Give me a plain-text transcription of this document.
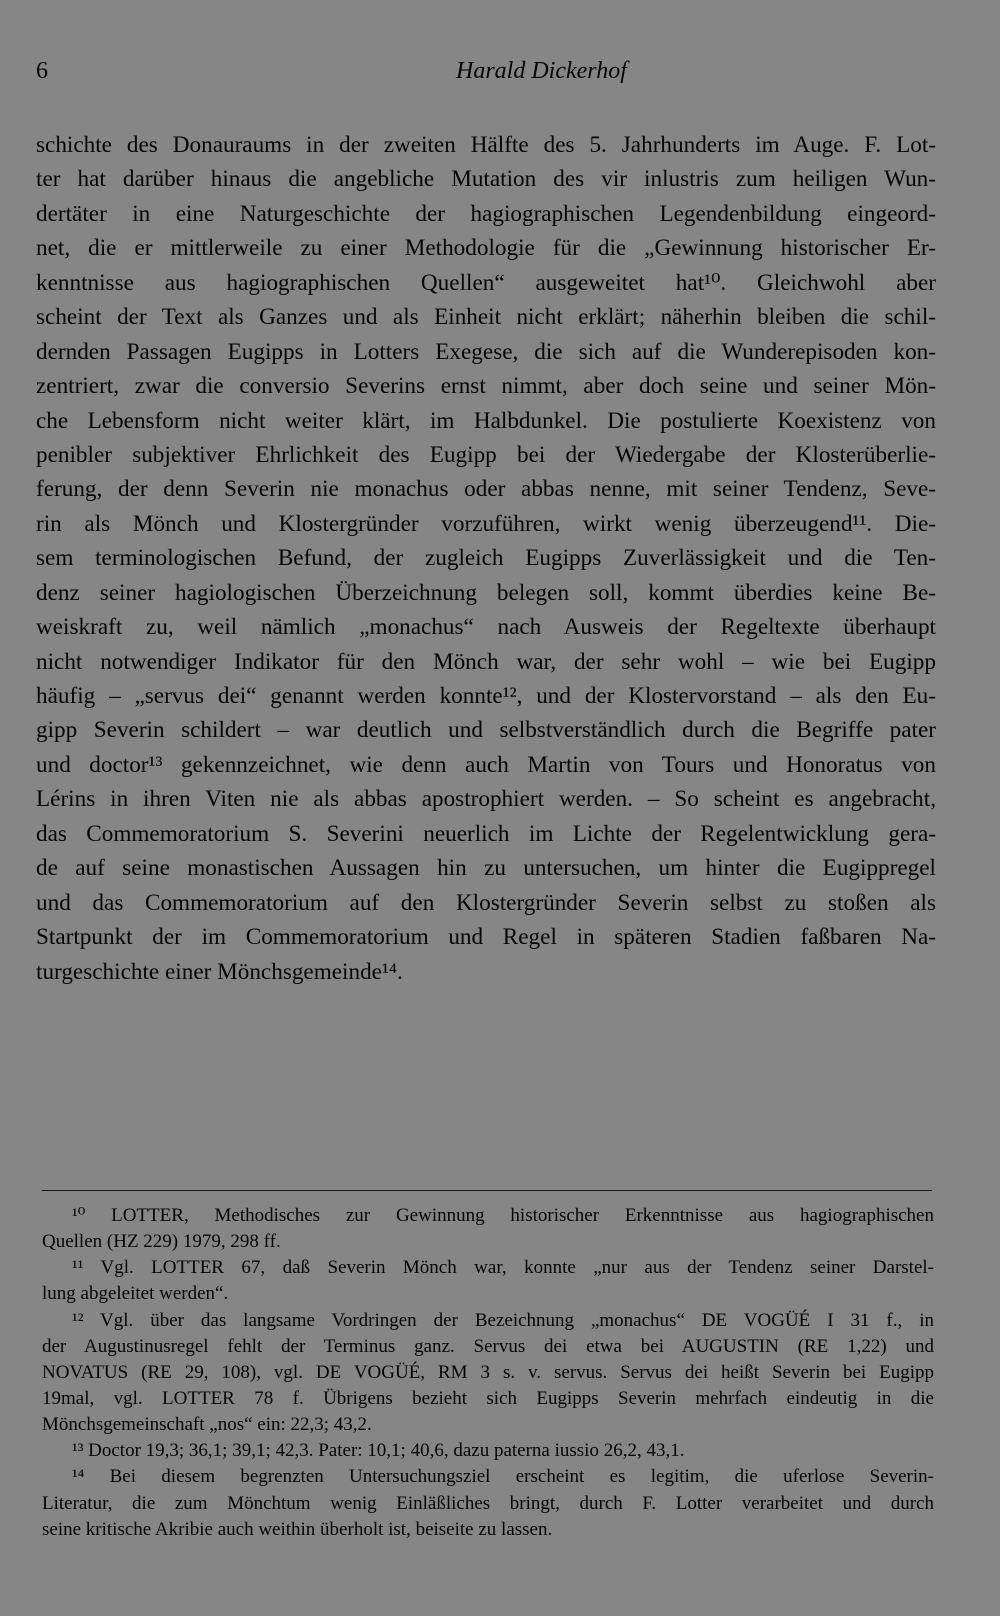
6	Harald Dickerhof
schichte des Donauraums in der zweiten Hälfte des 5. Jahrhunderts im Auge. F. Lot-
ter hat darüber hinaus die angebliche Mutation des vir inlustris zum heiligen Wun-
dertäter in eine Naturgeschichte der hagiographischen Legendenbildung eingeord-
net, die er mittlerweile zu einer Methodologie für die „Gewinnung historischer Er-
kenntnisse aus hagiographischen Quellen“ ausgeweitet hat¹⁰. Gleichwohl aber
scheint der Text als Ganzes und als Einheit nicht erklärt; näherhin bleiben die schil-
dernden Passagen Eugipps in Lotters Exegese, die sich auf die Wunderepisoden kon-
zentriert, zwar die conversio Severins ernst nimmt, aber doch seine und seiner Mön-
che Lebensform nicht weiter klärt, im Halbdunkel. Die postulierte Koexistenz von
penibler subjektiver Ehrlichkeit des Eugipp bei der Wiedergabe der Klosterüberlie-
ferung, der denn Severin nie monachus oder abbas nenne, mit seiner Tendenz, Seve-
rin als Mönch und Klostergründer vorzuführen, wirkt wenig überzeugend¹¹. Die-
sem terminologischen Befund, der zugleich Eugipps Zuverlässigkeit und die Ten-
denz seiner hagiologischen Überzeichnung belegen soll, kommt überdies keine Be-
weiskraft zu, weil nämlich „monachus“ nach Ausweis der Regeltexte überhaupt
nicht notwendiger Indikator für den Mönch war, der sehr wohl – wie bei Eugipp
häufig – „servus dei“ genannt werden konnte¹², und der Klostervorstand – als den Eu-
gipp Severin schildert – war deutlich und selbstverständlich durch die Begriffe pater
und doctor¹³ gekennzeichnet, wie denn auch Martin von Tours und Honoratus von
Lérins in ihren Viten nie als abbas apostrophiert werden. – So scheint es angebracht,
das Commemoratorium S. Severini neuerlich im Lichte der Regelentwicklung gera-
de auf seine monastischen Aussagen hin zu untersuchen, um hinter die Eugippregel
und das Commemoratorium auf den Klostergründer Severin selbst zu stoßen als
Startpunkt der im Commemoratorium und Regel in späteren Stadien faßbaren Na-
turgeschichte einer Mönchsgemeinde¹⁴.
¹⁰ LOTTER, Methodisches zur Gewinnung historischer Erkenntnisse aus hagiographischen
Quellen (HZ 229) 1979, 298 ff.
¹¹ Vgl. LOTTER 67, daß Severin Mönch war, konnte „nur aus der Tendenz seiner Darstel-
lung abgeleitet werden“.
¹² Vgl. über das langsame Vordringen der Bezeichnung „monachus“ DE VOGÜÉ I 31 f., in
der Augustinusregel fehlt der Terminus ganz. Servus dei etwa bei AUGUSTIN (RE 1,22) und
NOVATUS (RE 29, 108), vgl. DE VOGÜÉ, RM 3 s. v. servus. Servus dei heißt Severin bei Eugipp
19mal, vgl. LOTTER 78 f. Übrigens bezieht sich Eugipps Severin mehrfach eindeutig in die
Mönchsgemeinschaft „nos“ ein: 22,3; 43,2.
¹³ Doctor 19,3; 36,1; 39,1; 42,3. Pater: 10,1; 40,6, dazu paterna iussio 26,2, 43,1.
¹⁴ Bei diesem begrenzten Untersuchungsziel erscheint es legitim, die uferlose Severin-
Literatur, die zum Mönchtum wenig Einläßliches bringt, durch F. Lotter verarbeitet und durch
seine kritische Akribie auch weithin überholt ist, beiseite zu lassen.
